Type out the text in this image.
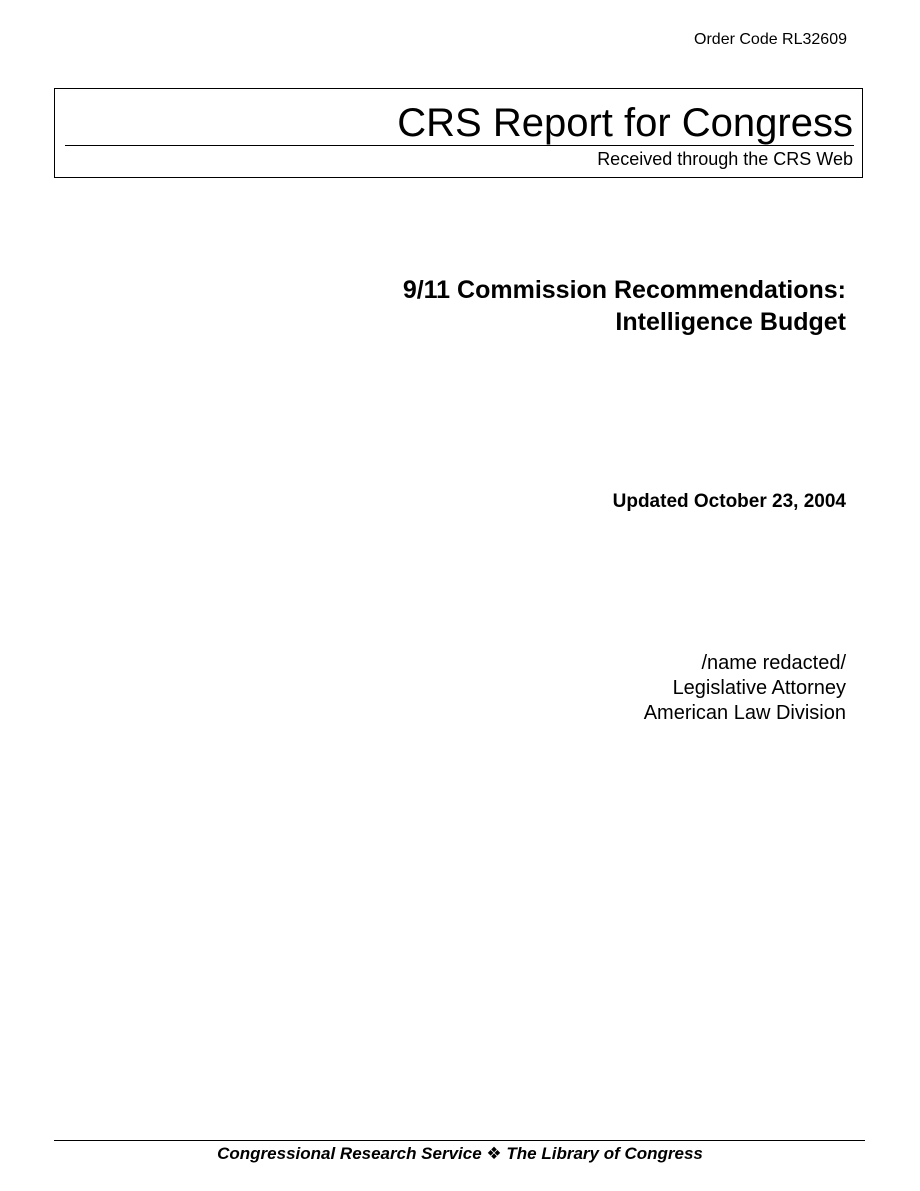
Order Code RL32609
CRS Report for Congress
Received through the CRS Web
9/11 Commission Recommendations:
Intelligence Budget
Updated October 23, 2004
/name redacted/
Legislative Attorney
American Law Division
Congressional Research Service ❖ The Library of Congress
